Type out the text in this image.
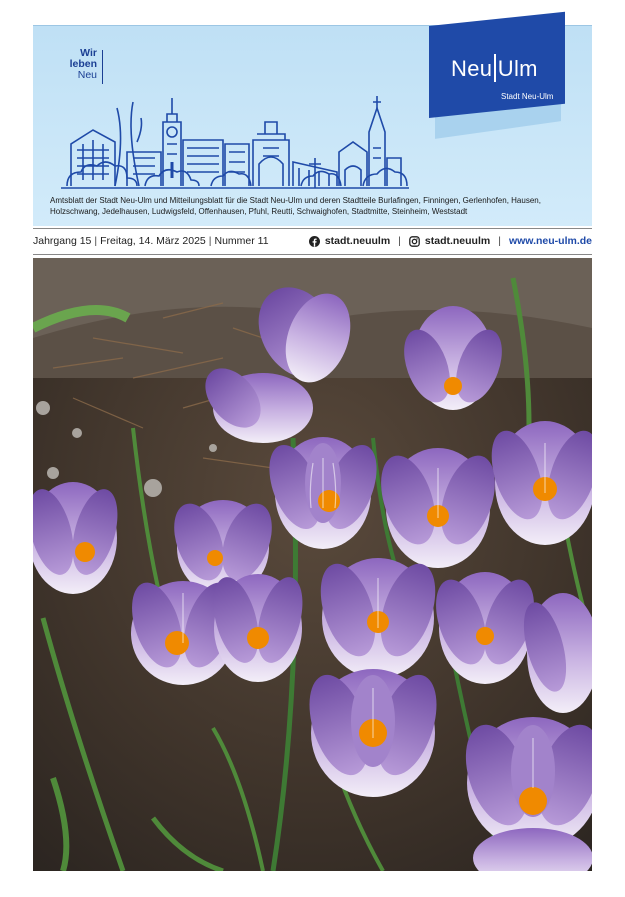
Wir
leben
Neu	Neu Ulm
Stadt Neu-Ulm
Amtsblatt der Stadt Neu-Ulm und Mitteilungsblatt für die Stadt Neu-Ulm und deren Stadtteile Burlafingen, Finningen, Gerlenhofen, Hausen, Holzschwang, Jedelhausen, Ludwigsfeld, Offenhausen, Pfuhl, Reutti, Schwaighofen, Stadtmitte, Steinheim, Weststadt
Jahrgang 15 | Freitag, 14. März 2025 | Nummer 11	stadt.neuulm | stadt.neuulm | www.neu-ulm.de
